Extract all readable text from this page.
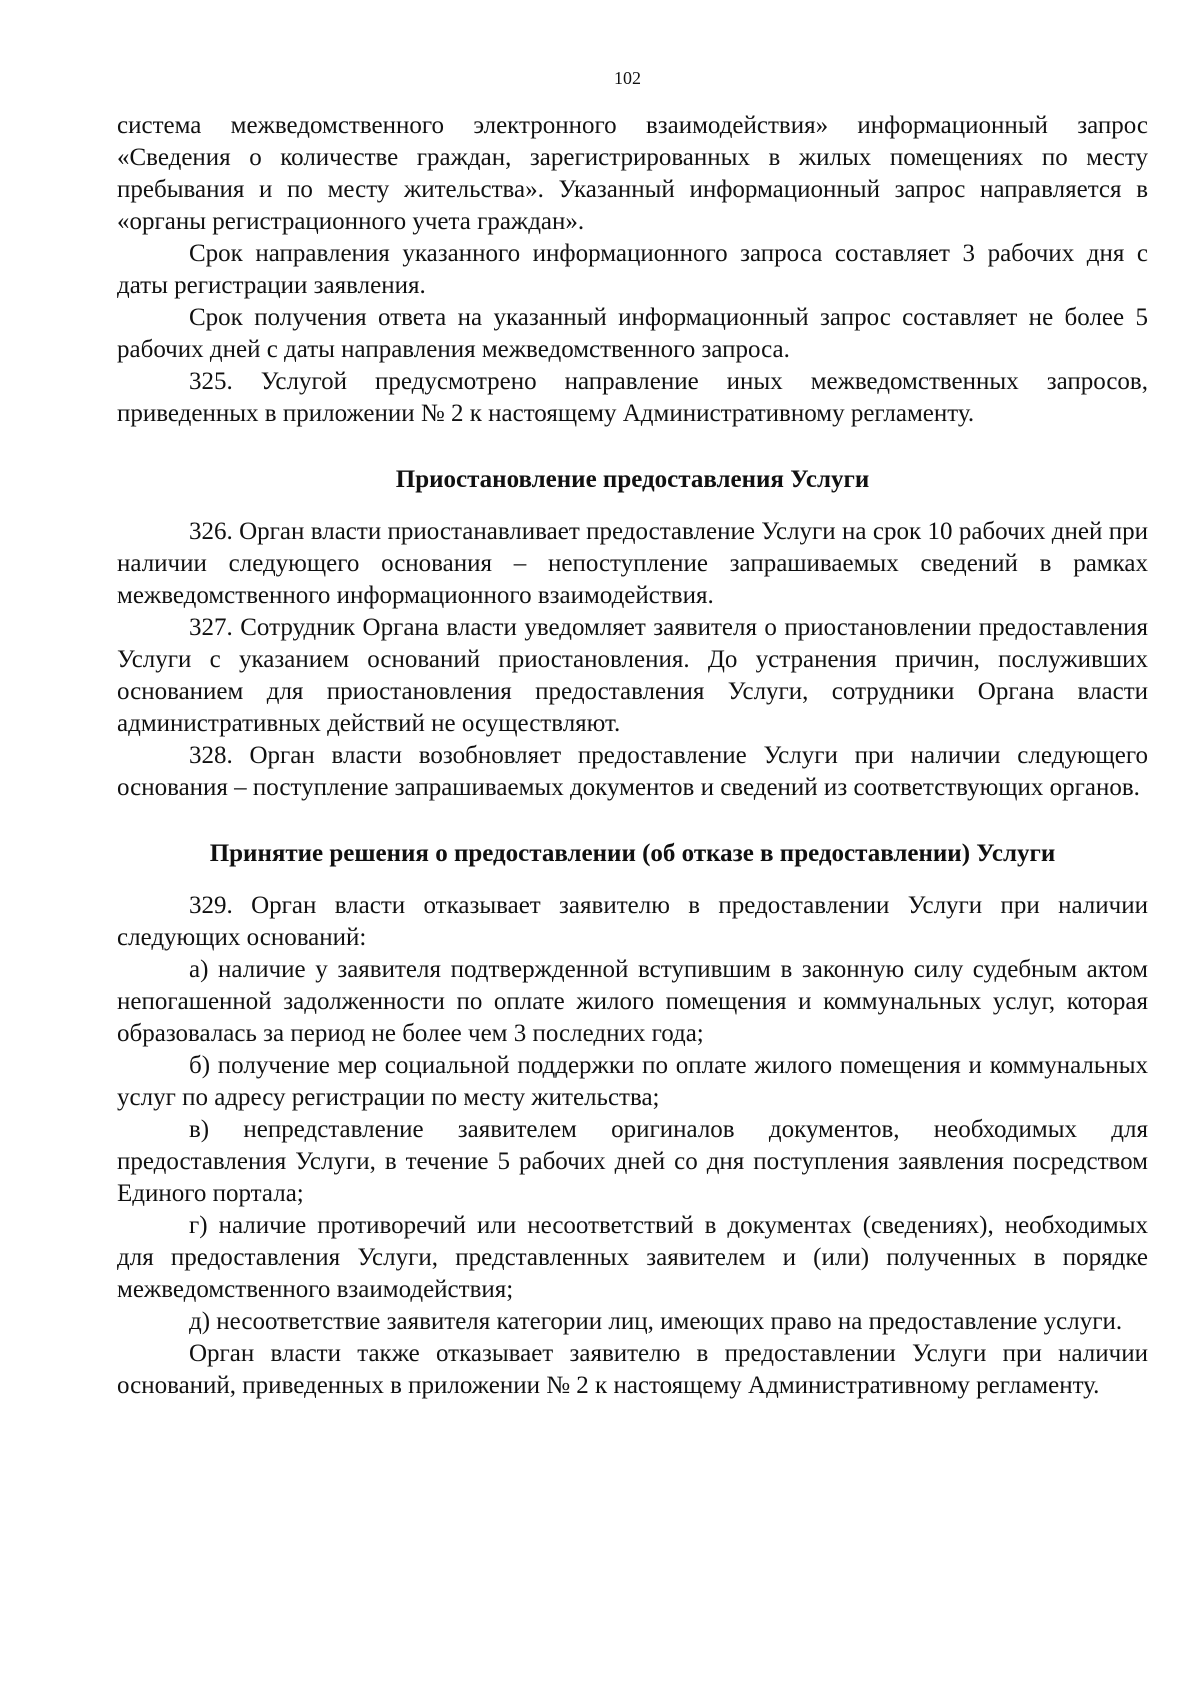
102

система межведомственного электронного взаимодействия» информационный запрос «Сведения о количестве граждан, зарегистрированных в жилых помещениях по месту пребывания и по месту жительства». Указанный информационный запрос направляется в «органы регистрационного учета граждан».

Срок направления указанного информационного запроса составляет 3 рабочих дня с даты регистрации заявления.

Срок получения ответа на указанный информационный запрос составляет не более 5 рабочих дней с даты направления межведомственного запроса.

325. Услугой предусмотрено направление иных межведомственных запросов, приведенных в приложении № 2 к настоящему Административному регламенту.

Приостановление предоставления Услуги

326. Орган власти приостанавливает предоставление Услуги на срок 10 рабочих дней при наличии следующего основания – непоступление запрашиваемых сведений в рамках межведомственного информационного взаимодействия.

327. Сотрудник Органа власти уведомляет заявителя о приостановлении предоставления Услуги с указанием оснований приостановления. До устранения причин, послуживших основанием для приостановления предоставления Услуги, сотрудники Органа власти административных действий не осуществляют.

328. Орган власти возобновляет предоставление Услуги при наличии следующего основания – поступление запрашиваемых документов и сведений из соответствующих органов.

Принятие решения о предоставлении (об отказе в предоставлении) Услуги

329. Орган власти отказывает заявителю в предоставлении Услуги при наличии следующих оснований:

а) наличие у заявителя подтвержденной вступившим в законную силу судебным актом непогашенной задолженности по оплате жилого помещения и коммунальных услуг, которая образовалась за период не более чем 3 последних года;

б) получение мер социальной поддержки по оплате жилого помещения и коммунальных услуг по адресу регистрации по месту жительства;

в) непредставление заявителем оригиналов документов, необходимых для предоставления Услуги, в течение 5 рабочих дней со дня поступления заявления посредством Единого портала;

г) наличие противоречий или несоответствий в документах (сведениях), необходимых для предоставления Услуги, представленных заявителем и (или) полученных в порядке межведомственного взаимодействия;

д) несоответствие заявителя категории лиц, имеющих право на предоставление услуги.

Орган власти также отказывает заявителю в предоставлении Услуги при наличии оснований, приведенных в приложении № 2 к настоящему Административному регламенту.
